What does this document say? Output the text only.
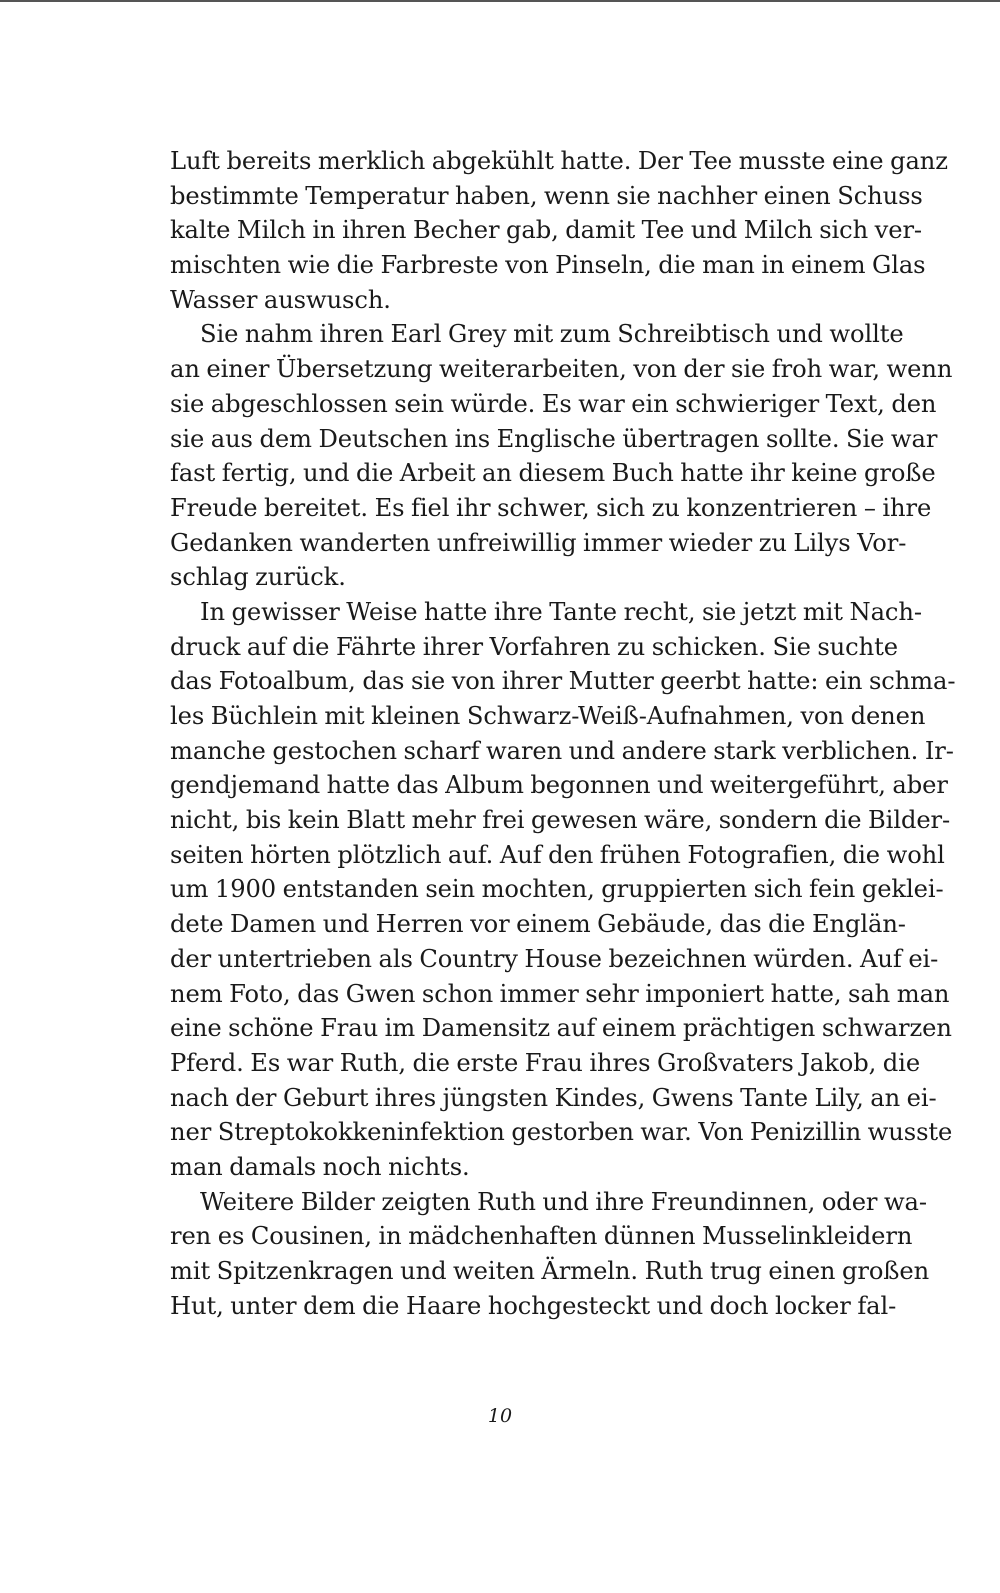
Luft bereits merklich abgekühlt hatte. Der Tee musste eine ganz
bestimmte Temperatur haben, wenn sie nachher einen Schuss
kalte Milch in ihren Becher gab, damit Tee und Milch sich ver-
mischten wie die Farbreste von Pinseln, die man in einem Glas
Wasser auswusch.
Sie nahm ihren Earl Grey mit zum Schreibtisch und wollte
an einer Übersetzung weiterarbeiten, von der sie froh war, wenn
sie abgeschlossen sein würde. Es war ein schwieriger Text, den
sie aus dem Deutschen ins Englische übertragen sollte. Sie war
fast fertig, und die Arbeit an diesem Buch hatte ihr keine große
Freude bereitet. Es fiel ihr schwer, sich zu konzentrieren – ihre
Gedanken wanderten unfreiwillig immer wieder zu Lilys Vor-
schlag zurück.
In gewisser Weise hatte ihre Tante recht, sie jetzt mit Nach-
druck auf die Fährte ihrer Vorfahren zu schicken. Sie suchte
das Fotoalbum, das sie von ihrer Mutter geerbt hatte: ein schma-
les Büchlein mit kleinen Schwarz-Weiß-Aufnahmen, von denen
manche gestochen scharf waren und andere stark verblichen. Ir-
gendjemand hatte das Album begonnen und weitergeführt, aber
nicht, bis kein Blatt mehr frei gewesen wäre, sondern die Bilder-
seiten hörten plötzlich auf. Auf den frühen Fotografien, die wohl
um 1900 entstanden sein mochten, gruppierten sich fein geklei-
dete Damen und Herren vor einem Gebäude, das die Englän-
der untertrieben als Country House bezeichnen würden. Auf ei-
nem Foto, das Gwen schon immer sehr imponiert hatte, sah man
eine schöne Frau im Damensitz auf einem prächtigen schwarzen
Pferd. Es war Ruth, die erste Frau ihres Großvaters Jakob, die
nach der Geburt ihres jüngsten Kindes, Gwens Tante Lily, an ei-
ner Streptokokkeninfektion gestorben war. Von Penizillin wusste
man damals noch nichts.
Weitere Bilder zeigten Ruth und ihre Freundinnen, oder wa-
ren es Cousinen, in mädchenhaften dünnen Musselinkleidern
mit Spitzenkragen und weiten Ärmeln. Ruth trug einen großen
Hut, unter dem die Haare hochgesteckt und doch locker fal-
10
